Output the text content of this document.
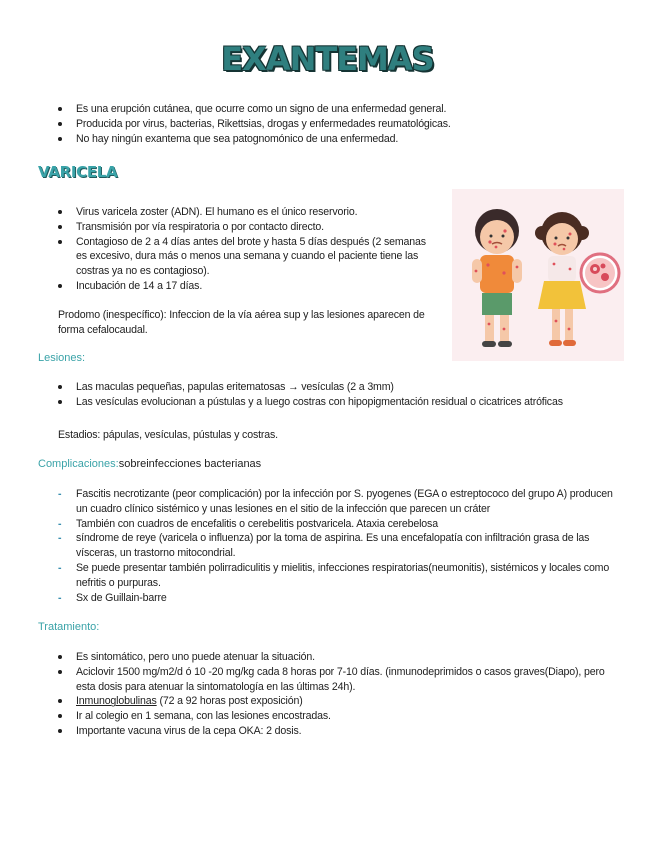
EXANTEMAS
Es una erupción cutánea, que ocurre como un signo de una enfermedad general.
Producida por virus, bacterias, Rikettsias, drogas y enfermedades reumatológicas.
No hay ningún exantema que sea patognomónico de una enfermedad.
VARICELA
Virus varicela zoster (ADN). El humano es el único reservorio.
Transmisión por vía respiratoria o por contacto directo.
Contagioso de 2 a 4 días antes del brote y hasta 5 días después (2 semanas es excesivo, dura más o menos una semana y cuando el paciente tiene las costras ya no es contagioso).
Incubación de 14 a 17 días.
Prodomo (inespecífico): Infeccion de la vía aérea sup y las lesiones aparecen de forma cefalocaudal.
Lesiones:
Las maculas pequeñas, papulas eritematosas → vesículas (2 a 3mm)
Las vesículas evolucionan a pústulas y a luego costras con hipopigmentación residual o cicatrices atróficas
Estadios: pápulas, vesículas, pústulas y costras.
Complicaciones:sobreinfecciones bacterianas
- Fascitis necrotizante (peor complicación) por la infección por S. pyogenes (EGA o estreptococo del grupo A) producen un cuadro clínico sistémico y unas lesiones en el sitio de la infección que parecen un cráter
- También con cuadros de encefalitis o cerebelitis postvaricela. Ataxia cerebelosa
- síndrome de reye (varicela o influenza) por la toma de aspirina. Es una encefalopatía con infiltración grasa de las vísceras, un trastorno mitocondrial.
- Se puede presentar también polirradiculitis y mielitis, infecciones respiratorias(neumonitis), sistémicos y locales como nefritis o purpuras.
- Sx de Guillain-barre
Tratamiento:
Es sintomático, pero uno puede atenuar la situación.
Aciclovir 1500 mg/m2/d ó 10 -20 mg/kg cada 8 horas por 7-10 días. (inmunodeprimidos o casos graves(Diapo), pero esta dosis para atenuar la sintomatología en las últimas 24h).
Inmunoglobulinas (72 a 92 horas post exposición)
Ir al colegio en 1 semana, con las lesiones encostradas.
Importante vacuna virus de la cepa OKA: 2 dosis.
